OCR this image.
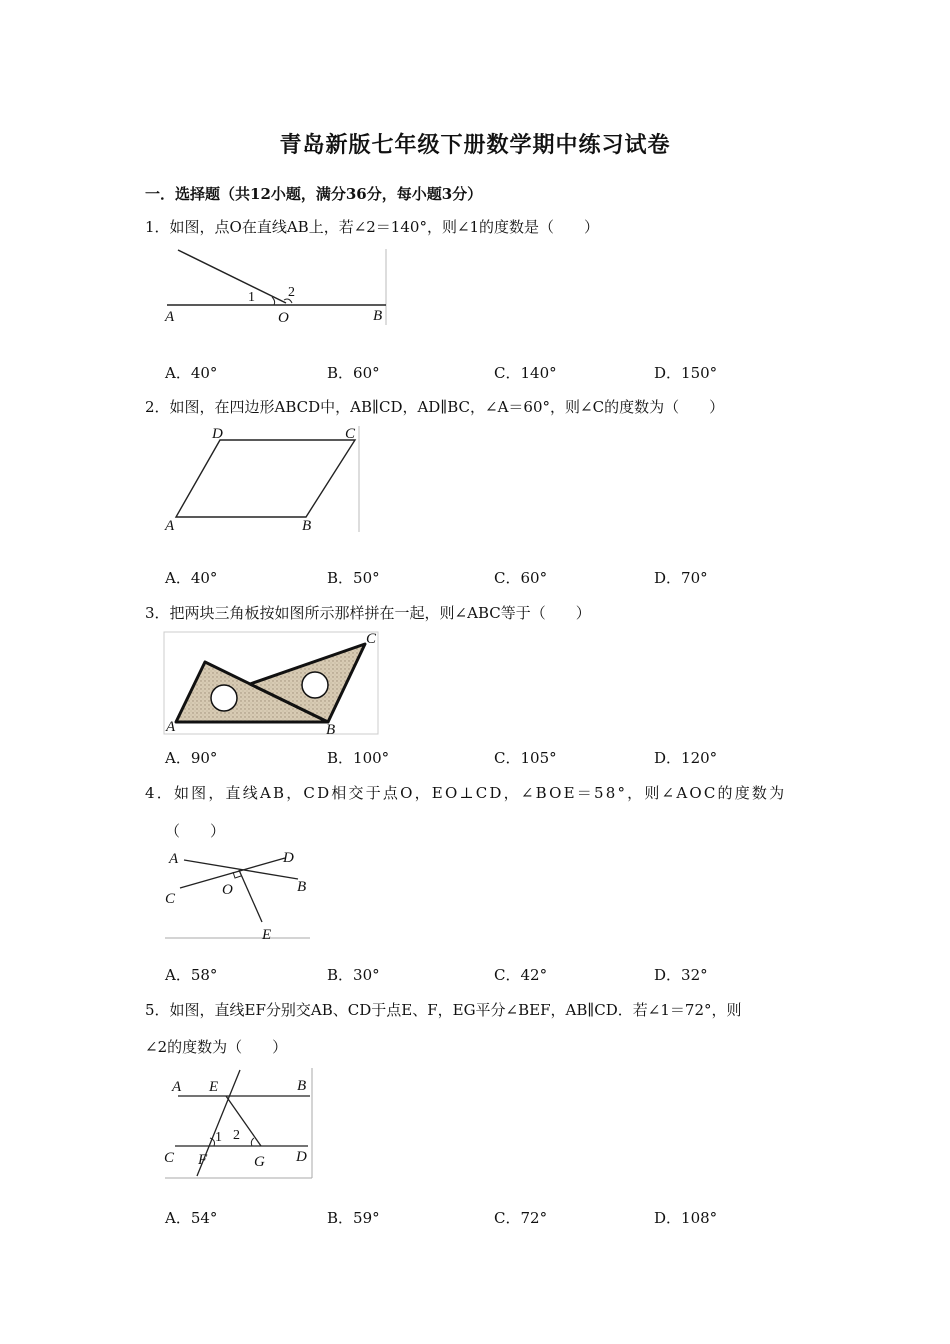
青岛新版七年级下册数学期中练习试卷
一．选择题（共12小题，满分36分，每小题3分）
1．如图，点O在直线AB上，若∠2＝140°，则∠1的度数是（　　）
A	O	B
1 2
A．40°	B．60°	C．140°	D．150°
2．如图，在四边形ABCD中，AB∥CD，AD∥BC，∠A＝60°，则∠C的度数为（　　）
D	C
A	B
A．40°	B．50°	C．60°	D．70°
3．把两块三角板按如图所示那样拼在一起，则∠ABC等于（　　）
C
A	B
A．90°	B．100°	C．105°	D．120°
4．如图，直线AB，CD相交于点O，EO⊥CD，∠BOE＝58°，则∠AOC的度数为
（　　）
A	D
C
O	B
E
A．58°	B．30°	C．42°	D．32°
5．如图，直线EF分别交AB、CD于点E、F，EG平分∠BEF，AB∥CD．若∠1＝72°，则
∠2的度数为（　　）
A E	B
1 2
C F	G D
A．54°	B．59°	C．72°	D．108°
